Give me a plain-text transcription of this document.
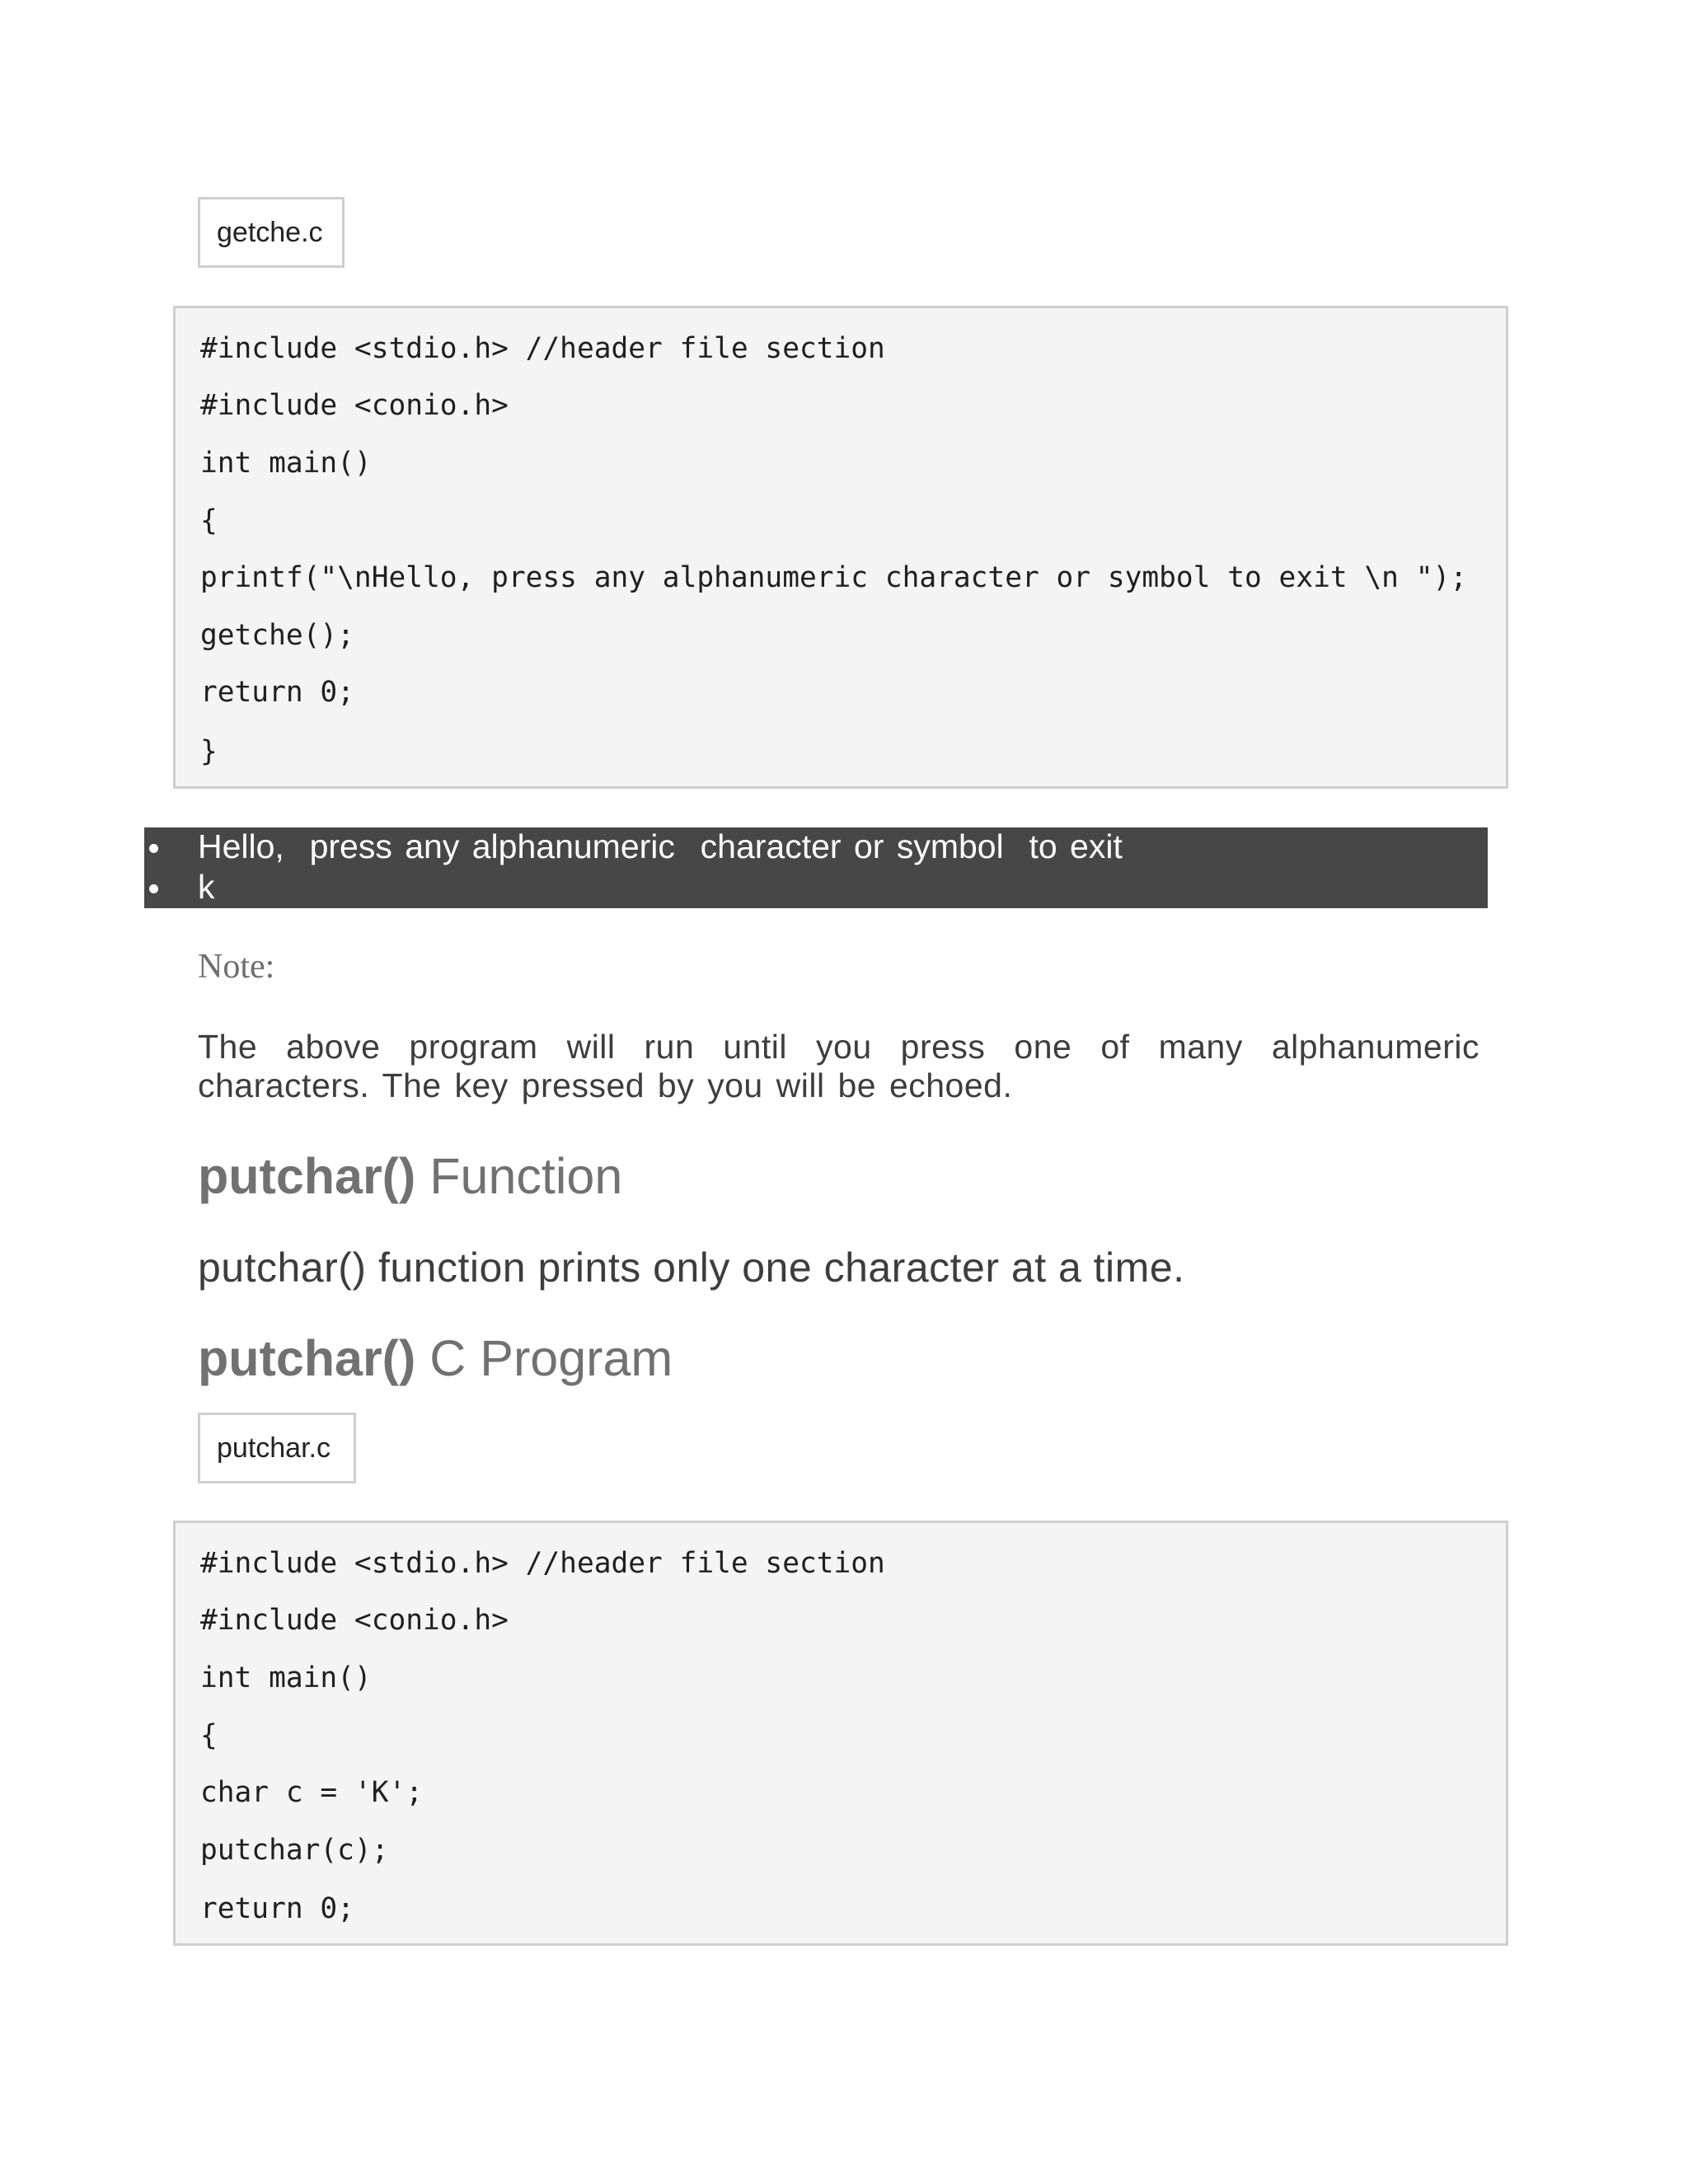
getche.c
#include <stdio.h> //header file section
#include <conio.h>
int main()
{
printf("\nHello, press any alphanumeric character or symbol to exit \n ");
getche();
return 0;
}
Hello,  press any alphanumeric  character or symbol  to exit
k
Note:
The above program will run until you press one of many alphanumeric characters. The key pressed by you will be echoed.
putchar() Function
putchar() function prints only one character at a time.
putchar() C Program
putchar.c
#include <stdio.h> //header file section
#include <conio.h>
int main()
{
char c = 'K';
putchar(c);
return 0;
